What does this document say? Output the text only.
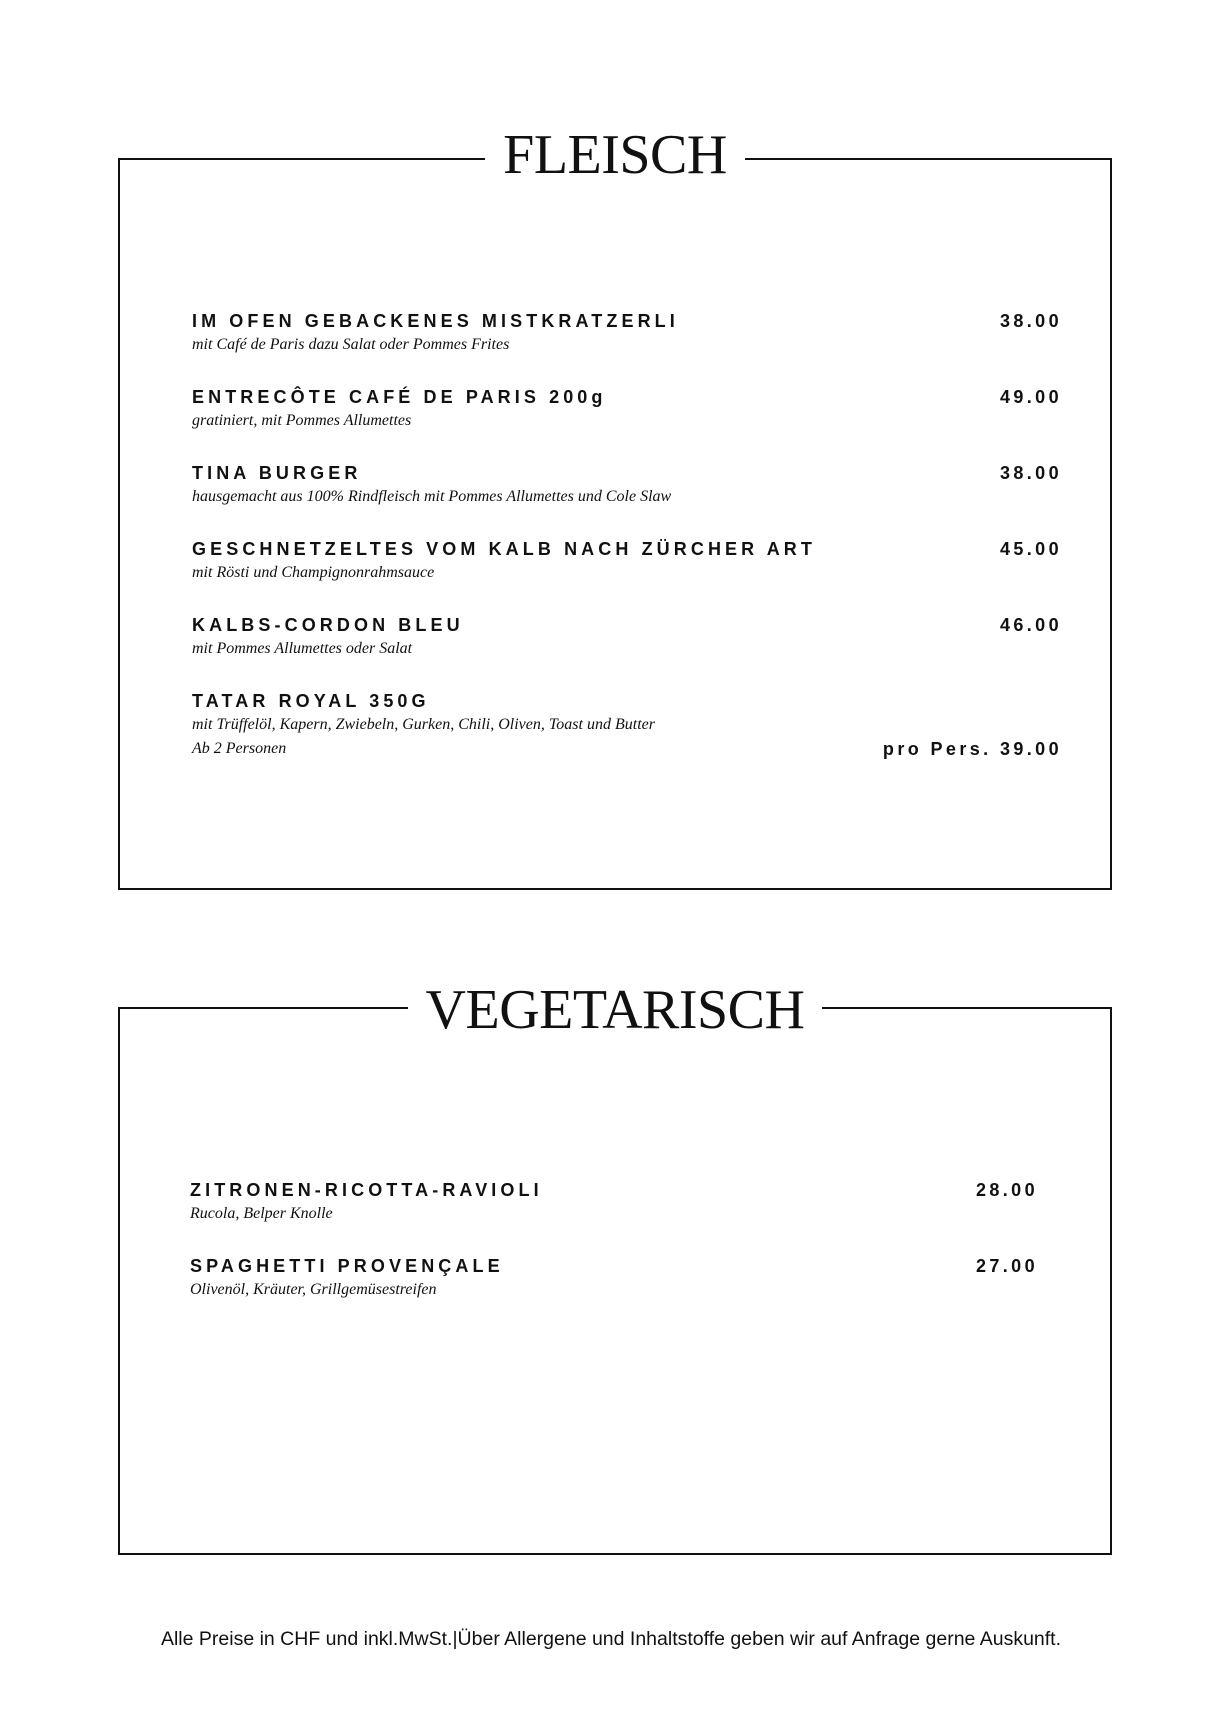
FLEISCH
IM OFEN GEBACKENES MISTKRATZERLI
mit Café de Paris dazu Salat oder Pommes Frites
38.00
ENTRECÔTE CAFÉ DE PARIS 200g
gratiniert, mit Pommes Allumettes
49.00
TINA BURGER
hausgemacht aus 100% Rindfleisch mit Pommes Allumettes und Cole Slaw
38.00
GESCHNETZELTES VOM KALB NACH ZÜRCHER ART
mit Rösti und Champignonrahmsauce
45.00
KALBS-CORDON BLEU
mit Pommes Allumettes oder Salat
46.00
TATAR ROYAL 350G
mit Trüffelöl, Kapern, Zwiebeln, Gurken, Chili, Oliven, Toast und Butter
Ab 2 Personen	pro Pers. 39.00
VEGETARISCH
ZITRONEN-RICOTTA-RAVIOLI
Rucola, Belper Knolle
28.00
SPAGHETTI PROVENÇALE
Olivenöl, Kräuter, Grillgemüsestreifen
27.00
Alle Preise in CHF und inkl.MwSt.|Über Allergene und Inhaltstoffe geben wir auf Anfrage gerne Auskunft.
